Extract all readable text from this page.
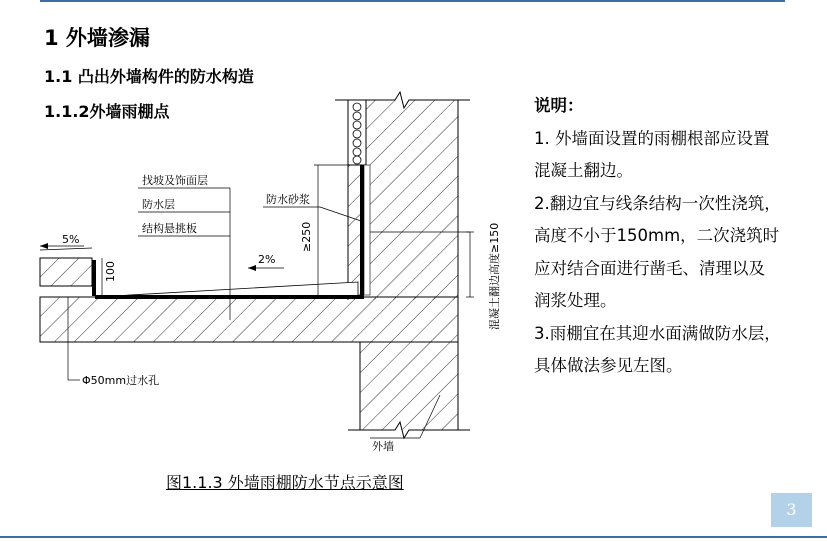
1 外墙渗漏
1.1 凸出外墙构件的防水构造
1.1.2外墙雨棚点
找坡及饰面层
防水层
结构悬挑板
防水砂浆
≥250
2%
5%
100
Φ50mm过水孔
混凝土翻边高度≥150
外墙
说明：
1. 外墙面设置的雨棚根部应设置
混凝土翻边。
2.翻边宜与线条结构一次性浇筑，
高度不小于150mm，二次浇筑时
应对结合面进行凿毛、清理以及
润浆处理。
3.雨棚宜在其迎水面满做防水层，
具体做法参见左图。
图1.1.3 外墙雨棚防水节点示意图
3
